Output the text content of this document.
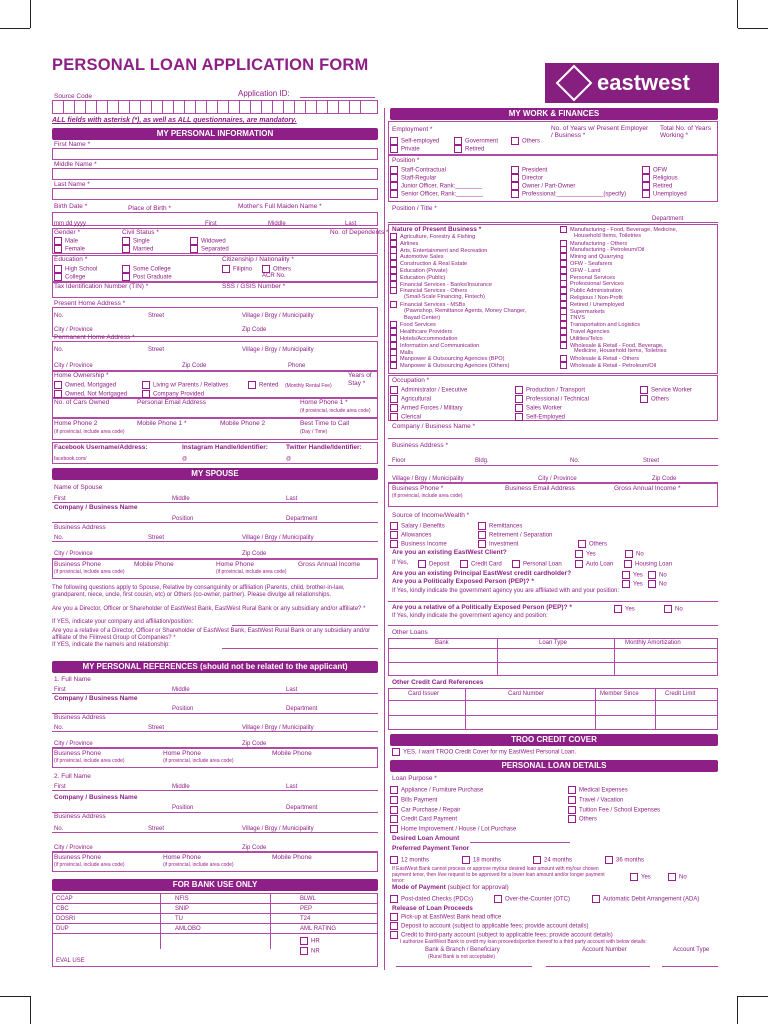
PERSONAL LOAN APPLICATION FORM
eastwest
Application ID:
Source Code
ALL fields with asterisk (*), as well as ALL questionnaires, are mandatory.
MY PERSONAL INFORMATION
First Name *
Middle Name *
Last Name *
Birth Date *	Place of Birth *	Mother's Full Maiden Name *
mm dd yyyy	First	Middle	Last
Gender *
Male
Female
Civil Status *
Single
Married
Widowed
Separated
No. of Dependents *
Education *
High School
College
Some College
Post Graduate
Citizenship / Nationality *
Filipino	Others
ACR No.
Tax Identification Number (TIN) *	SSS / GSIS Number *
Present Home Address *
No.	Street	Village / Brgy / Municipality
City / Province	Zip Code
Permanent Home Address *
No.	Street	Village / Brgy / Municipality
City / Province	Zip Code	Phone
Home Ownership *
Owned, Mortgaged
Owned, Not Mortgaged
Living w/ Parents / Relatives
Company Provided
Rented (Monthly Rental Fee)
Years of Stay *
No. of Cars Owned	Personal Email Address	Home Phone 1 *
(if provincial, include area code)
Home Phone 2
(if provincial, include area code)
Mobile Phone 1 *	Mobile Phone 2	Best Time to Call
(Day / Time)
Facebook Username/Address:
facebook.com/
Instagram Handle/Identifier:
@
Twitter Handle/Identifier:
@
MY SPOUSE
Name of Spouse
First	Middle	Last
Company / Business Name
Position	Department
Business Address
No.	Street	Village / Brgy / Municipality
City / Province	Zip Code
Business Phone
(if provincial, include area code)
Mobile Phone	Home Phone
(if provincial, include area code)
Gross Annual Income
The following questions apply to Spouse, Relative by consanguinity or affiliation (Parents, child, brother-in-law, grandparent, niece, uncle, first cousin, etc) or Others (co-owner, partner). Please divulge all relationships.
Are you a Director, Officer or Shareholder of EastWest Bank, EastWest Rural Bank or any subsidiary and/or affiliate? *
If YES, indicate your company and affiliation/position:
Are you a relative of a Director, Officer or Shareholder of EastWest Bank, EastWest Rural Bank or any subsidiary and/or affiliate of the Filinvest Group of Companies? *
If YES, indicate the name/s and relationship:
MY PERSONAL REFERENCES (should not be related to the applicant)
1. Full Name
First	Middle	Last
Company / Business Name
Position	Department
Business Address
No.	Street	Village / Brgy / Municipality
City / Province	Zip Code
Business Phone
(if provincial, include area code)
Home Phone
(if provincial, include area code)
Mobile Phone
2. Full Name
First	Middle	Last
Company / Business Name
Position	Department
Business Address
No.	Street	Village / Brgy / Municipality
City / Province	Zip Code
Business Phone
(if provincial, include area code)
Home Phone
(if provincial, include area code)
Mobile Phone
FOR BANK USE ONLY
CCAP	NFIS	BLWL
CBC	SNIP	PEP
DOSRI	TU	T24
DUP	AMLOBO	AML RATING
HR
NR
EVAL USE
MY WORK & FINANCES
Employment *
Self-employed
Private
Government
Retired
Others
No. of Years w/ Present Employer / Business *
Total No. of Years Working *
Position *
Staff-Contractual
Staff-Regular
Junior Officer, Rank:________
Senior Officer, Rank:________
President
Director
Owner / Part-Owner
Professional:______________(specify)
OFW
Religious
Retired
Unemployed
Position / Title *
Department
Nature of Present Business *
Agriculture, Forestry & Fishing
Airlines
Arts, Entertainment and Recreation
Automotive Sales
Construction & Real Estate
Education (Private)
Education (Public)
Financial Services - Banks/Insurance
Financial Services - Others
(Small-Scale Financing, Fintech)
Financial Services - MSBs
(Pawnshop, Remittance Agents, Money Changer,
Bayad Center)
Food Services
Healthcare Providers
Hotels/Accommodation
Information and Communication
Malls
Manpower & Outsourcing Agencies (BPO)
Manpower & Outsourcing Agencies (Others)
Manufacturing - Food, Beverage, Medicine,
Household Items, Toiletries
Manufacturing - Others
Manufacturing - Petroleum/Oil
Mining and Quarrying
OFW - Seafarers
OFW - Land
Personal Services
Professional Services
Public Administration
Religious / Non-Profit
Retired / Unemployed
Supermarkets
TNVS
Transportation and Logistics
Travel Agencies
Utilities/Telco
Wholesale & Retail - Food, Beverage,
Medicine, Household Items, Toiletries
Wholesale & Retail - Others
Wholesale & Retail - Petroleum/Oil
Occupation *
Administrator / Executive
Agricultural
Armed Forces / Military
Clerical
Production / Transport
Professional / Technical
Sales Worker
Self-Employed
Service Worker
Others
Company / Business Name *
Business Address *
Floor	Bldg.	No.	Street
Village / Brgy / Municipality	City / Province	Zip Code
Business Phone *
(if provincial, include area code)
Business Email Address	Gross Annual Income *
Source of Income/Wealth *
Salary / Benefits
Allowances
Business Income
Remittances
Retirement / Separation
Investment	Others
Are you an existing EastWest Client?	Yes	No
If Yes,	Deposit	Credit Card	Personal Loan	Auto Loan	Housing Loan
Are you an existing Principal EastWest credit cardholder?	Yes	No
Are you a Politically Exposed Person (PEP)? *	Yes	No
If Yes, kindly indicate the government agency you are affiliated with and your position:
Are you a relative of a Politically Exposed Person (PEP)? *	Yes	No
If Yes, kindly indicate the government agency and position:
Other Loans
Bank	Loan Type	Monthly Amortization
Other Credit Card References
Card Issuer	Card Number	Member Since	Credit Limit
TROO CREDIT COVER
YES, I want TROO Credit Cover for my EastWest Personal Loan.
PERSONAL LOAN DETAILS
Loan Purpose *
Appliance / Furniture Purchase
Bills Payment
Car Purchase / Repair
Credit Card Payment
Home Improvement / House / Lot Purchase
Medical Expenses
Travel / Vacation
Tuition Fee / School Expenses
Others
Desired Loan Amount
Preferred Payment Tenor
12 months	18 months	24 months	36 months
If EastWest Bank cannot process or approve my/our desired loan amount with my/our chosen payment tenor, then I/we request to be approved for a lower loan amount and/or longer payment tenor:
Yes	No
Mode of Payment (subject for approval)
Post-dated Checks (PDCs)	Over-the-Counter (OTC)	Automatic Debit Arrangement (ADA)
Release of Loan Proceeds
Pick-up at EastWest Bank head office
Deposit to account (subject to applicable fees; provide account details)
Credit to third-party account (subject to applicable fees; provide account details)
I authorize EastWest Bank to credit my loan proceeds/portion thereof to a third party account with below details:
Bank & Branch / Beneficiary
(Rural Bank is not acceptable)
Account Number	Account Type
